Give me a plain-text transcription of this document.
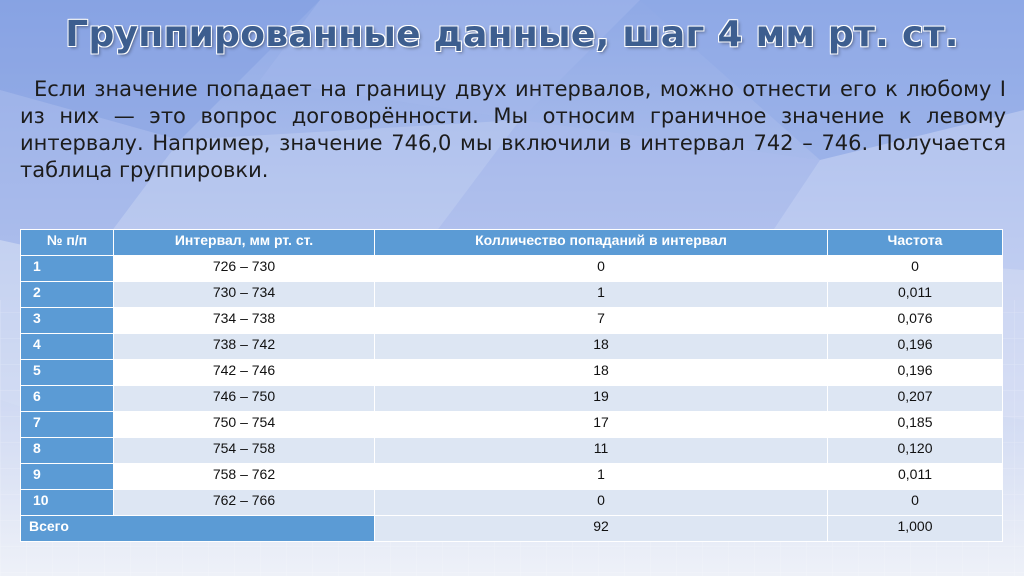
Группированные данные, шаг 4 мм рт. ст.
Если значение попадает на границу двух интервалов, можно отнести его к любому I из них — это вопрос договорённости. Мы относим граничное значение к левому интервалу. Например, значение 746,0 мы включили в интервал 742 – 746. Получается таблица группировки.
№ п/п	Интервал, мм рт. ст.	Колличество попаданий в интервал	Частота
1	726 – 730	0	0
2	730 – 734	1	0,011
3	734 – 738	7	0,076
4	738 – 742	18	0,196
5	742 – 746	18	0,196
6	746 – 750	19	0,207
7	750 – 754	17	0,185
8	754 – 758	11	0,120
9	758 – 762	1	0,011
10	762 – 766	0	0
Всего		92	1,000
